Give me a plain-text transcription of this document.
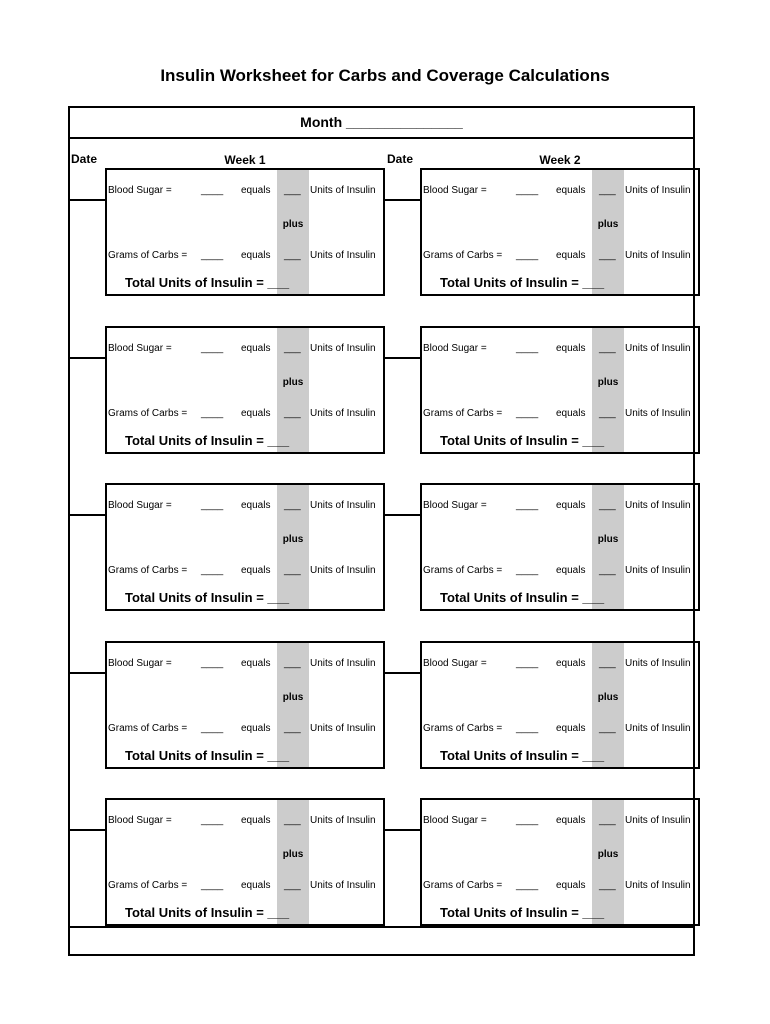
Insulin Worksheet for Carbs and Coverage Calculations
Month _______________
Date	Week 1	Date	Week 2
Blood Sugar =	____ equals ___ Units of Insulin
plus
Grams of Carbs = ____ equals ___ Units of Insulin
Total Units of Insulin = ___
Blood Sugar =	____ equals ___ Units of Insulin
plus
Grams of Carbs = ____ equals ___ Units of Insulin
Total Units of Insulin = ___
Blood Sugar =	____ equals ___ Units of Insulin
plus
Grams of Carbs = ____ equals ___ Units of Insulin
Total Units of Insulin = ___
Blood Sugar =	____ equals ___ Units of Insulin
plus
Grams of Carbs = ____ equals ___ Units of Insulin
Total Units of Insulin = ___
Blood Sugar =	____ equals ___ Units of Insulin
plus
Grams of Carbs = ____ equals ___ Units of Insulin
Total Units of Insulin = ___
Blood Sugar =	____ equals ___ Units of Insulin
plus
Grams of Carbs = ____ equals ___ Units of Insulin
Total Units of Insulin = ___
Blood Sugar =	____ equals ___ Units of Insulin
plus
Grams of Carbs = ____ equals ___ Units of Insulin
Total Units of Insulin = ___
Blood Sugar =	____ equals ___ Units of Insulin
plus
Grams of Carbs = ____ equals ___ Units of Insulin
Total Units of Insulin = ___
Blood Sugar =	____ equals ___ Units of Insulin
plus
Grams of Carbs = ____ equals ___ Units of Insulin
Total Units of Insulin = ___
Blood Sugar =	____ equals ___ Units of Insulin
plus
Grams of Carbs = ____ equals ___ Units of Insulin
Total Units of Insulin = ___
